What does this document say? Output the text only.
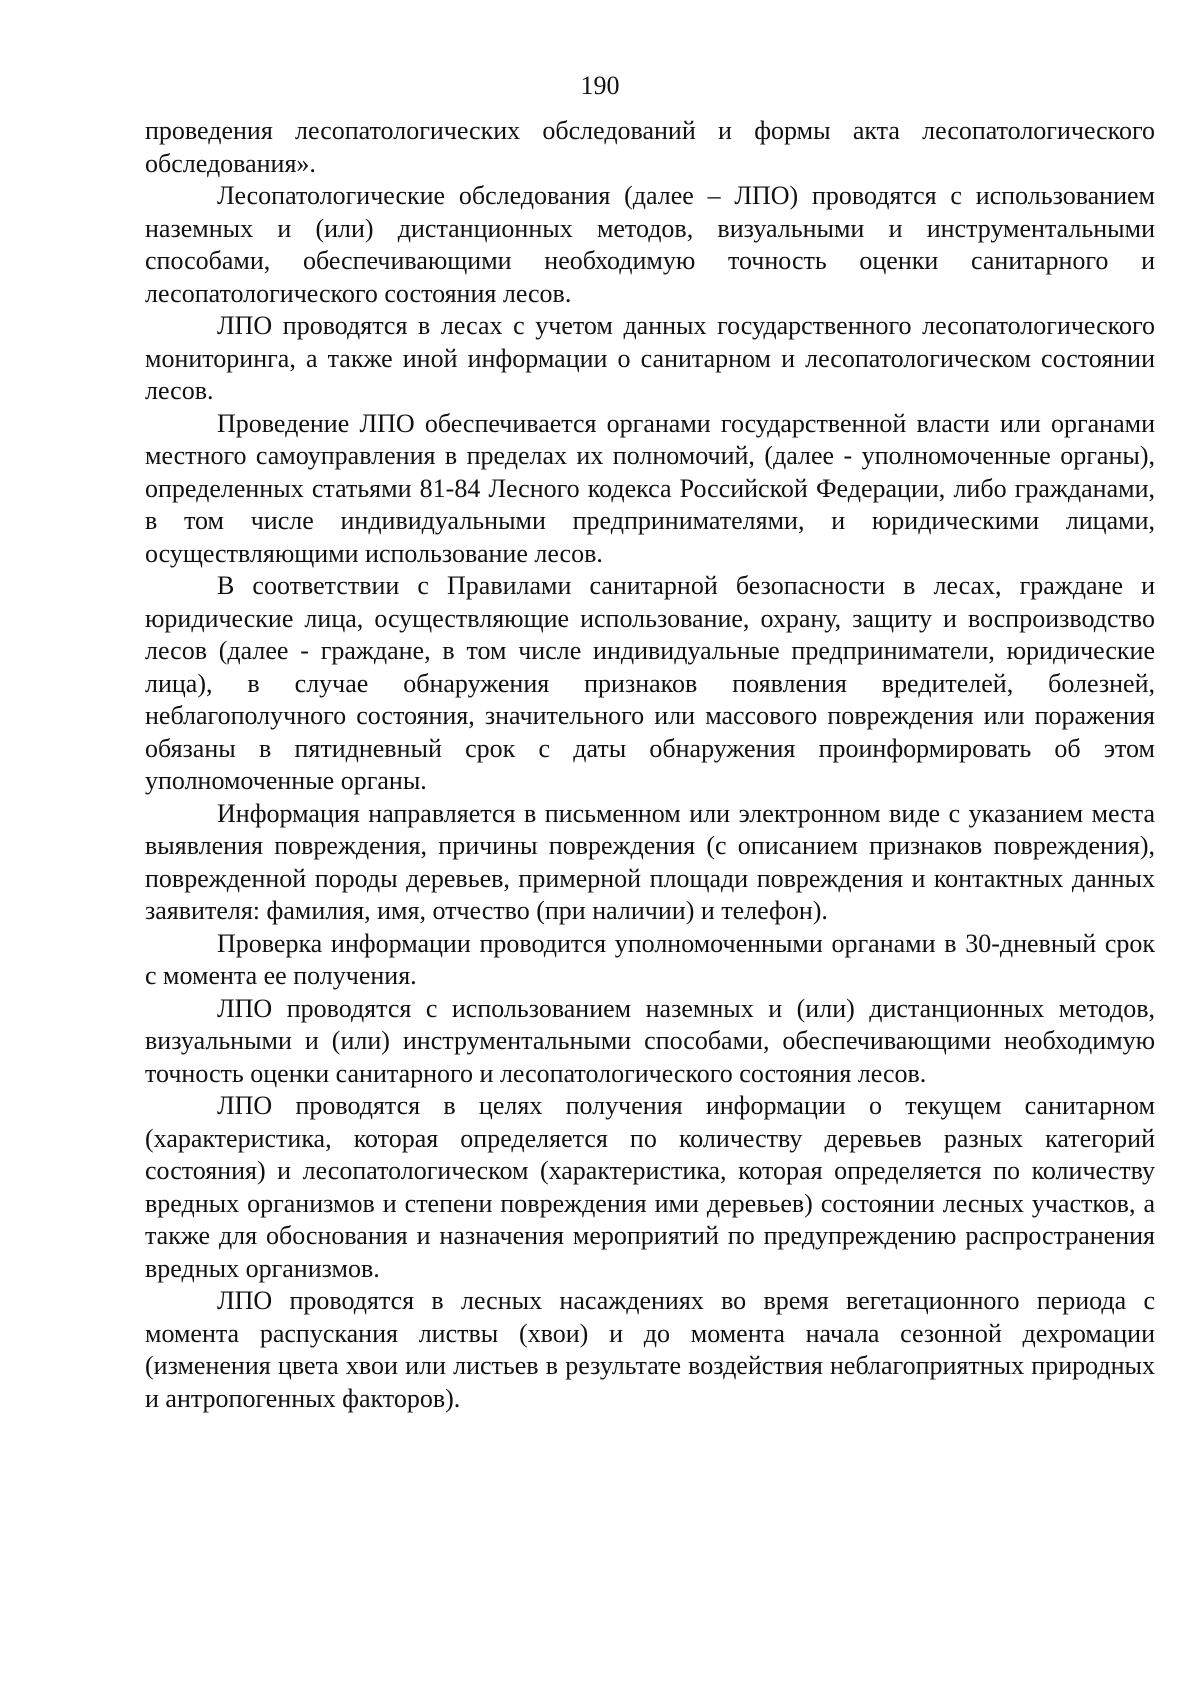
190

проведения лесопатологических обследований и формы акта лесопатологического обследования».

Лесопатологические обследования (далее – ЛПО) проводятся с использованием наземных и (или) дистанционных методов, визуальными и инструментальными способами, обеспечивающими необходимую точность оценки санитарного и лесопатологического состояния лесов.

ЛПО проводятся в лесах с учетом данных государственного лесопатологического мониторинга, а также иной информации о санитарном и лесопатологическом состоянии лесов.

Проведение ЛПО обеспечивается органами государственной власти или органами местного самоуправления в пределах их полномочий, (далее - уполномоченные органы), определенных статьями 81-84 Лесного кодекса Российской Федерации, либо гражданами, в том числе индивидуальными предпринимателями, и юридическими лицами, осуществляющими использование лесов.

В соответствии с Правилами санитарной безопасности в лесах, граждане и юридические лица, осуществляющие использование, охрану, защиту и воспроизводство лесов (далее - граждане, в том числе индивидуальные предприниматели, юридические лица), в случае обнаружения признаков появления вредителей, болезней, неблагополучного состояния, значительного или массового повреждения или поражения обязаны в пятидневный срок с даты обнаружения проинформировать об этом уполномоченные органы.

Информация направляется в письменном или электронном виде с указанием места выявления повреждения, причины повреждения (с описанием признаков повреждения), поврежденной породы деревьев, примерной площади повреждения и контактных данных заявителя: фамилия, имя, отчество (при наличии) и телефон).

Проверка информации проводится уполномоченными органами в 30-дневный срок с момента ее получения.

ЛПО проводятся с использованием наземных и (или) дистанционных методов, визуальными и (или) инструментальными способами, обеспечивающими необходимую точность оценки санитарного и лесопатологического состояния лесов.

ЛПО проводятся в целях получения информации о текущем санитарном (характеристика, которая определяется по количеству деревьев разных категорий состояния) и лесопатологическом (характеристика, которая определяется по количеству вредных организмов и степени повреждения ими деревьев) состоянии лесных участков, а также для обоснования и назначения мероприятий по предупреждению распространения вредных организмов.

ЛПО проводятся в лесных насаждениях во время вегетационного периода с момента распускания листвы (хвои) и до момента начала сезонной дехромации (изменения цвета хвои или листьев в результате воздействия неблагоприятных природных и антропогенных факторов).
